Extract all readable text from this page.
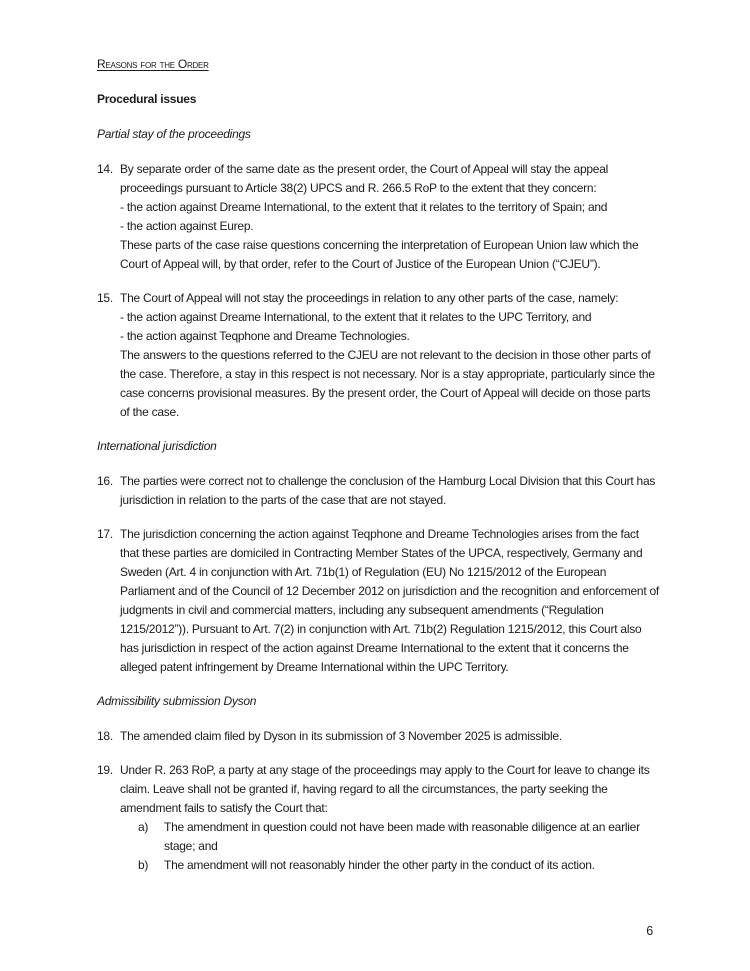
Reasons for the Order
Procedural issues
Partial stay of the proceedings
14. By separate order of the same date as the present order, the Court of Appeal will stay the appeal proceedings pursuant to Article 38(2) UPCS and R. 266.5 RoP to the extent that they concern:
- the action against Dreame International, to the extent that it relates to the territory of Spain; and
- the action against Eurep.
These parts of the case raise questions concerning the interpretation of European Union law which the Court of Appeal will, by that order, refer to the Court of Justice of the European Union (“CJEU”).
15. The Court of Appeal will not stay the proceedings in relation to any other parts of the case, namely:
- the action against Dreame International, to the extent that it relates to the UPC Territory, and
- the action against Teqphone and Dreame Technologies.
The answers to the questions referred to the CJEU are not relevant to the decision in those other parts of the case. Therefore, a stay in this respect is not necessary. Nor is a stay appropriate, particularly since the case concerns provisional measures. By the present order, the Court of Appeal will decide on those parts of the case.
International jurisdiction
16. The parties were correct not to challenge the conclusion of the Hamburg Local Division that this Court has jurisdiction in relation to the parts of the case that are not stayed.
17. The jurisdiction concerning the action against Teqphone and Dreame Technologies arises from the fact that these parties are domiciled in Contracting Member States of the UPCA, respectively, Germany and Sweden (Art. 4 in conjunction with Art. 71b(1) of Regulation (EU) No 1215/2012 of the European Parliament and of the Council of 12 December 2012 on jurisdiction and the recognition and enforcement of judgments in civil and commercial matters, including any subsequent amendments (“Regulation 1215/2012”)). Pursuant to Art. 7(2) in conjunction with Art. 71b(2) Regulation 1215/2012, this Court also has jurisdiction in respect of the action against Dreame International to the extent that it concerns the alleged patent infringement by Dreame International within the UPC Territory.
Admissibility submission Dyson
18. The amended claim filed by Dyson in its submission of 3 November 2025 is admissible.
19. Under R. 263 RoP, a party at any stage of the proceedings may apply to the Court for leave to change its claim. Leave shall not be granted if, having regard to all the circumstances, the party seeking the amendment fails to satisfy the Court that:
a)	The amendment in question could not have been made with reasonable diligence at an earlier stage; and
b)	The amendment will not reasonably hinder the other party in the conduct of its action.
6
